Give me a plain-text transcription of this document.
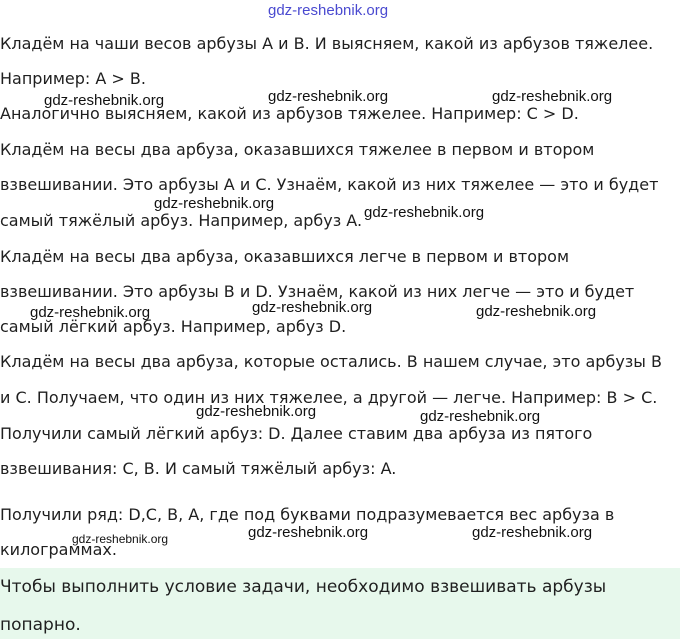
Кладём на чаши весов арбузы A и B. И выясняем, какой из арбузов тяжелее.
Например: A > B.
Аналогично выясняем, какой из арбузов тяжелее. Например: C > D.
Кладём на весы два арбуза, оказавшихся тяжелее в первом и втором
взвешивании. Это арбузы A и C. Узнаём, какой из них тяжелее — это и будет
самый тяжёлый арбуз. Например, арбуз A.
Кладём на весы два арбуза, оказавшихся легче в первом и втором
взвешивании. Это арбузы B и D. Узнаём, какой из них легче — это и будет
самый лёгкий арбуз. Например, арбуз D.
Кладём на весы два арбуза, которые остались. В нашем случае, это арбузы B
и C. Получаем, что один из них тяжелее, а другой — легче. Например: B > C.
Получили самый лёгкий арбуз: D. Далее ставим два арбуза из пятого
взвешивания: C, B. И самый тяжёлый арбуз: A.
Получили ряд: D,C, B, A, где под буквами подразумевается вес арбуза в
килограммах.
Чтобы выполнить условие задачи, необходимо взвешивать арбузы
попарно.
gdz-reshebnik.org
gdz-reshebnik.org	gdz-reshebnik.org	gdz-reshebnik.org
gdz-reshebnik.org
gdz-reshebnik.org
gdz-reshebnik.org	gdz-reshebnik.org	gdz-reshebnik.org
gdz-reshebnik.org	gdz-reshebnik.org
gdz-reshebnik.org	gdz-reshebnik.org	gdz-reshebnik.org
